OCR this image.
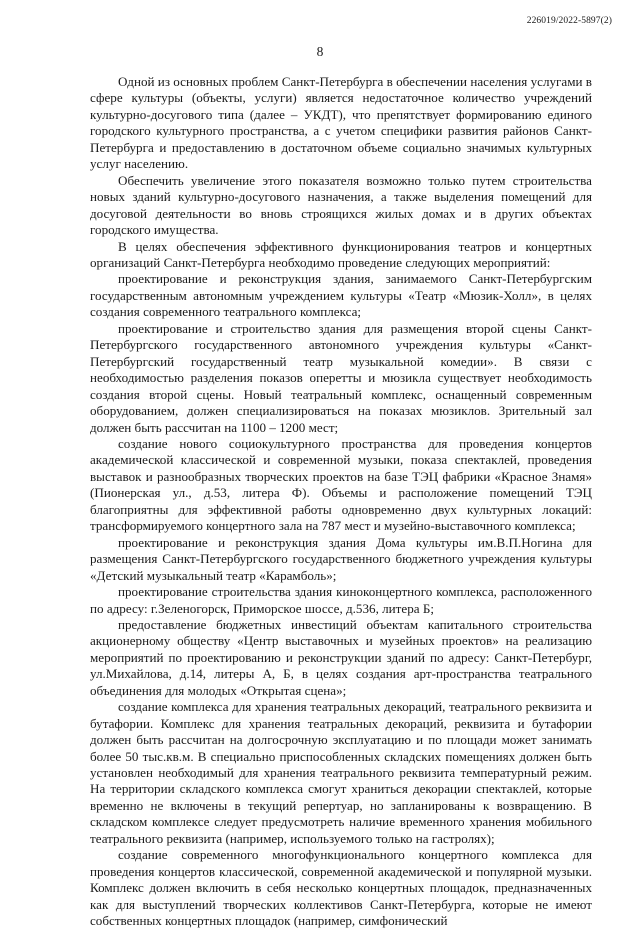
226019/2022-5897(2)
8

Одной из основных проблем Санкт-Петербурга в обеспечении населения услугами в сфере культуры (объекты, услуги) является недостаточное количество учреждений культурно-досугового типа (далее – УКДТ), что препятствует формированию единого городского культурного пространства, а с учетом специфики развития районов Санкт-Петербурга и предоставлению в достаточном объеме социально значимых культурных услуг населению.

Обеспечить увеличение этого показателя возможно только путем строительства новых зданий культурно-досугового назначения, а также выделения помещений для досуговой деятельности во вновь строящихся жилых домах и в других объектах городского имущества.

В целях обеспечения эффективного функционирования театров и концертных организаций Санкт-Петербурга необходимо проведение следующих мероприятий:

проектирование и реконструкция здания, занимаемого Санкт-Петербургским государственным автономным учреждением культуры «Театр «Мюзик-Холл», в целях создания современного театрального комплекса;

проектирование и строительство здания для размещения второй сцены Санкт-Петербургского государственного автономного учреждения культуры «Санкт-Петербургский государственный театр музыкальной комедии». В связи с необходимостью разделения показов оперетты и мюзикла существует необходимость создания второй сцены. Новый театральный комплекс, оснащенный современным оборудованием, должен специализироваться на показах мюзиклов. Зрительный зал должен быть рассчитан на 1100 – 1200 мест;

создание нового социокультурного пространства для проведения концертов академической классической и современной музыки, показа спектаклей, проведения выставок и разнообразных творческих проектов на базе ТЭЦ фабрики «Красное Знамя» (Пионерская ул., д.53, литера Ф). Объемы и расположение помещений ТЭЦ благоприятны для эффективной работы одновременно двух культурных локаций: трансформируемого концертного зала на 787 мест и музейно-выставочного комплекса;

проектирование и реконструкция здания Дома культуры им.В.П.Ногина для размещения Санкт-Петербургского государственного бюджетного учреждения культуры «Детский музыкальный театр «Карамболь»;

проектирование строительства здания киноконцертного комплекса, расположенного по адресу: г.Зеленогорск, Приморское шоссе, д.536, литера Б;

предоставление бюджетных инвестиций объектам капитального строительства акционерному обществу «Центр выставочных и музейных проектов» на реализацию мероприятий по проектированию и реконструкции зданий по адресу: Санкт-Петербург, ул.Михайлова, д.14, литеры А, Б, в целях создания арт-пространства театрального объединения для молодых «Открытая сцена»;

создание комплекса для хранения театральных декораций, театрального реквизита и бутафории. Комплекс для хранения театральных декораций, реквизита и бутафории должен быть рассчитан на долгосрочную эксплуатацию и по площади может занимать более 50 тыс.кв.м. В специально приспособленных складских помещениях должен быть установлен необходимый для хранения театрального реквизита температурный режим. На территории складского комплекса смогут храниться декорации спектаклей, которые временно не включены в текущий репертуар, но запланированы к возвращению. В складском комплексе следует предусмотреть наличие временного хранения мобильного театрального реквизита (например, используемого только на гастролях);

создание современного многофункционального концертного комплекса для проведения концертов классической, современной академической и популярной музыки. Комплекс должен включить в себя несколько концертных площадок, предназначенных как для выступлений творческих коллективов Санкт-Петербурга, которые не имеют собственных концертных площадок (например, симфонический
